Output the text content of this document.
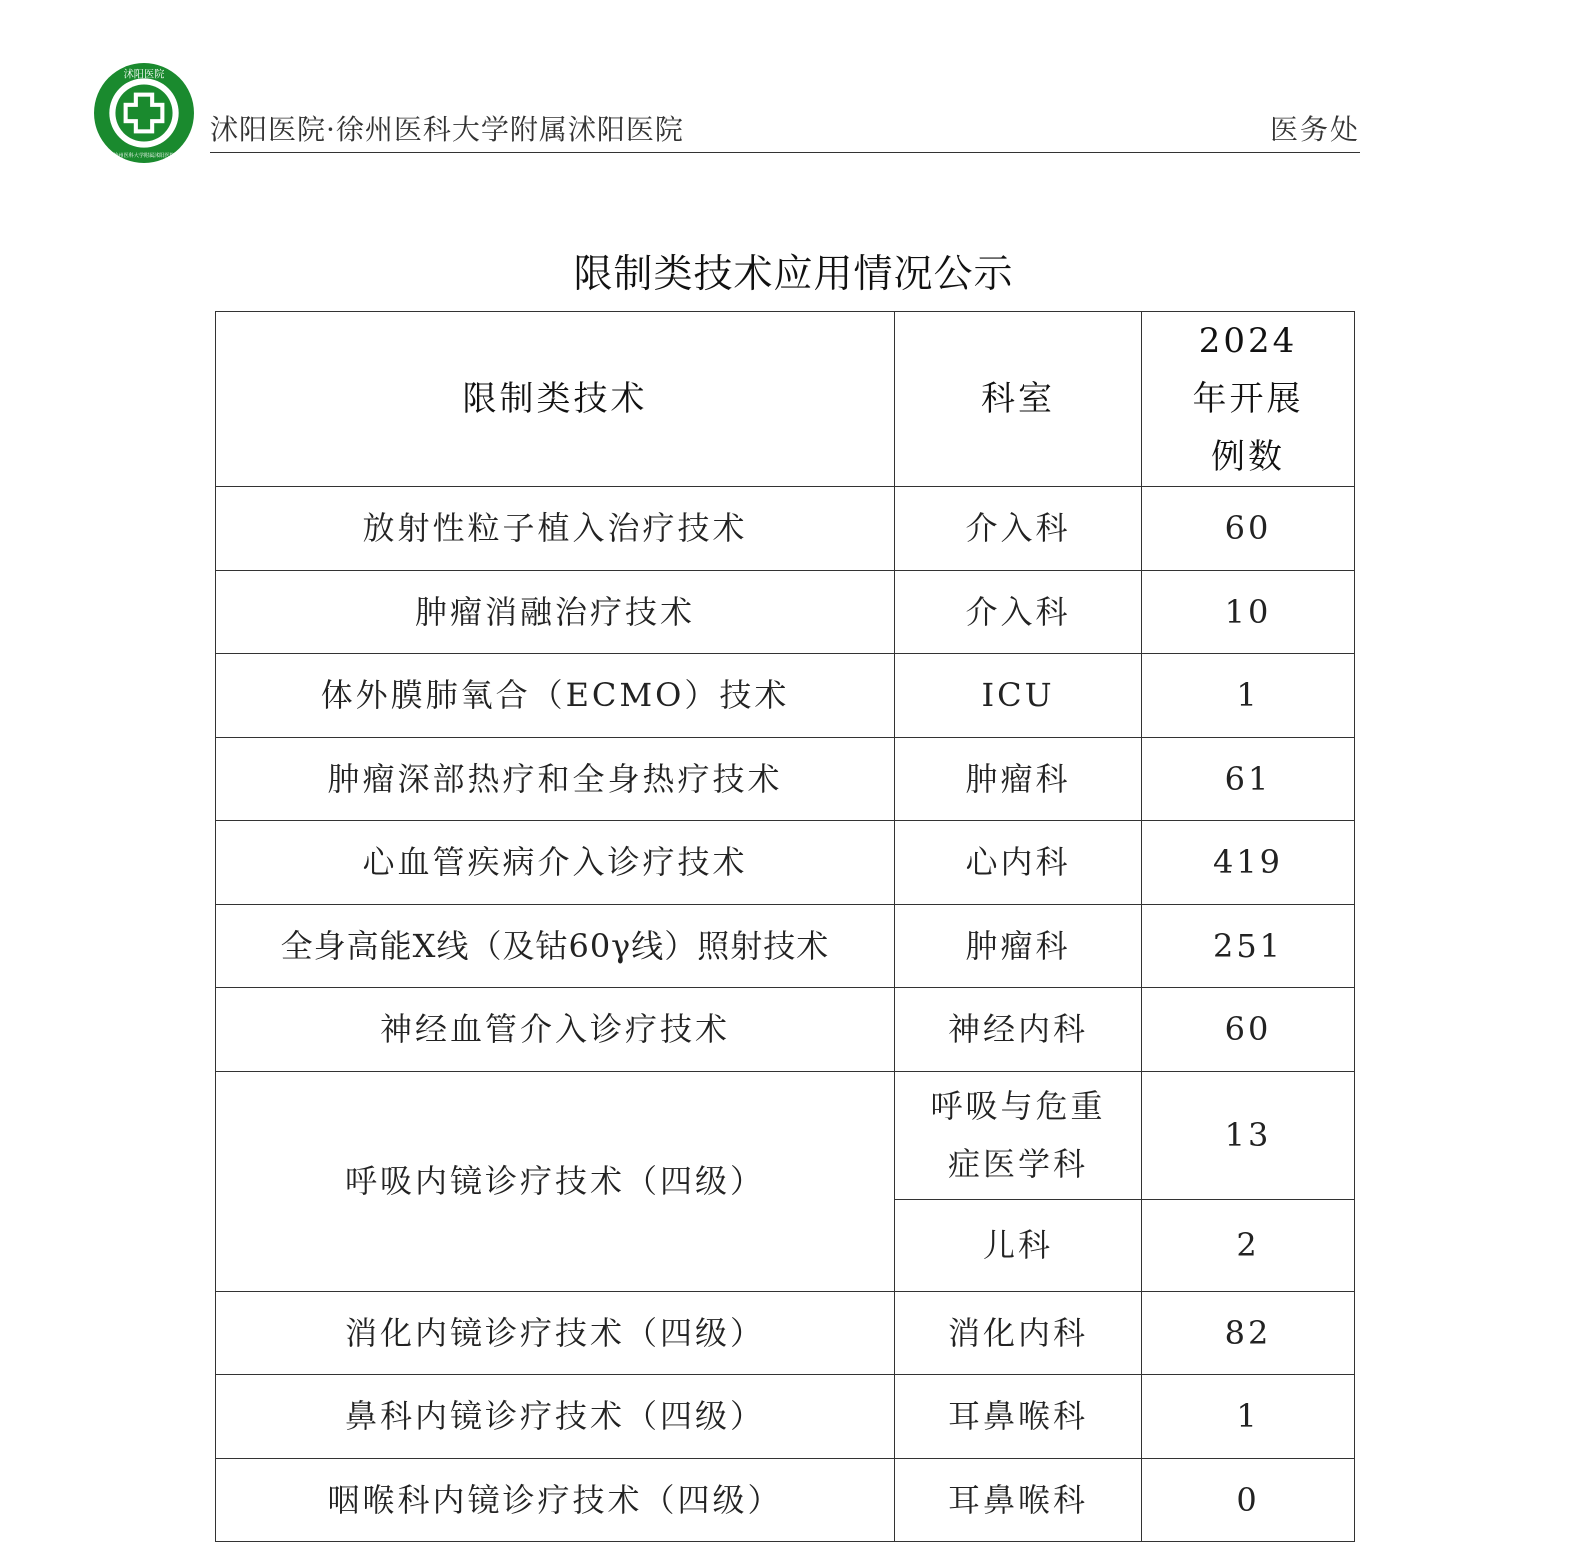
沭阳医院
徐州医科大学附属沭阳医院
沭阳医院·徐州医科大学附属沭阳医院	医务处
限制类技术应用情况公示
限制类技术	科室	2024年开展例数
放射性粒子植入治疗技术	介入科	60
肿瘤消融治疗技术	介入科	10
体外膜肺氧合（ECMO）技术	ICU	1
肿瘤深部热疗和全身热疗技术	肿瘤科	61
心血管疾病介入诊疗技术	心内科	419
全身高能X线（及钴60γ线）照射技术	肿瘤科	251
神经血管介入诊疗技术	神经内科	60
呼吸内镜诊疗技术（四级）	呼吸与危重症医学科	13
	儿科	2
消化内镜诊疗技术（四级）	消化内科	82
鼻科内镜诊疗技术（四级）	耳鼻喉科	1
咽喉科内镜诊疗技术（四级）	耳鼻喉科	0
